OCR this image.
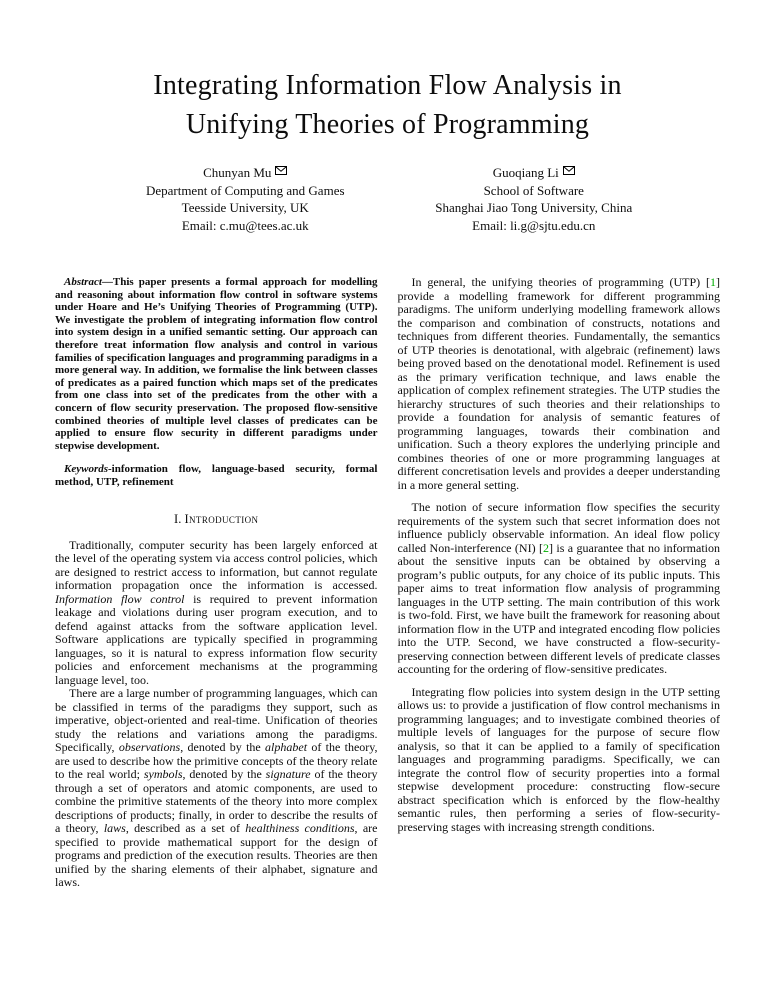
Integrating Information Flow Analysis in
Unifying Theories of Programming
Chunyan Mu
Department of Computing and Games
Teesside University, UK
Email: c.mu@tees.ac.uk
Guoqiang Li
School of Software
Shanghai Jiao Tong University, China
Email: li.g@sjtu.edu.cn

Abstract—This paper presents a formal approach for modelling and reasoning about information flow control in software systems under Hoare and He’s Unifying Theories of Programming (UTP). We investigate the problem of integrating information flow control into system design in a unified semantic setting. Our approach can therefore treat information flow analysis and control in various families of specification languages and programming paradigms in a more general way. In addition, we formalise the link between classes of predicates as a paired function which maps set of the predicates from one class into set of the predicates from the other with a concern of flow security preservation. The proposed flow-sensitive combined theories of multiple level classes of predicates can be applied to ensure flow security in different paradigms under stepwise development.

Keywords-information flow, language-based security, formal method, UTP, refinement

I. Introduction

Traditionally, computer security has been largely enforced at the level of the operating system via access control policies, which are designed to restrict access to information, but cannot regulate information propagation once the information is accessed. Information flow control is required to prevent information leakage and violations during user program execution, and to defend against attacks from the software application level. Software applications are typically specified in programming languages, so it is natural to express information flow security policies and enforcement mechanisms at the programming language level, too.

There are a large number of programming languages, which can be classified in terms of the paradigms they support, such as imperative, object-oriented and real-time. Unification of theories study the relations and variations among the paradigms. Specifically, observations, denoted by the alphabet of the theory, are used to describe how the primitive concepts of the theory relate to the real world; symbols, denoted by the signature of the theory through a set of operators and atomic components, are used to combine the primitive statements of the theory into more complex descriptions of products; finally, in order to describe the results of a theory, laws, described as a set of healthiness conditions, are specified to provide mathematical support for the design of programs and prediction of the execution results. Theories are then unified by the sharing elements of their alphabet, signature and laws.

In general, the unifying theories of programming (UTP) [1] provide a modelling framework for different programming paradigms. The uniform underlying modelling framework allows the comparison and combination of constructs, notations and techniques from different theories. Fundamentally, the semantics of UTP theories is denotational, with algebraic (refinement) laws being proved based on the denotational model. Refinement is used as the primary verification technique, and laws enable the application of complex refinement strategies. The UTP studies the hierarchy structures of such theories and their relationships to provide a foundation for analysis of semantic features of programming languages, towards their combination and unification. Such a theory explores the underlying principle and combines theories of one or more programming languages at different concretisation levels and provides a deeper understanding in a more general setting.

The notion of secure information flow specifies the security requirements of the system such that secret information does not influence publicly observable information. An ideal flow policy called Non-interference (NI) [2] is a guarantee that no information about the sensitive inputs can be obtained by observing a program’s public outputs, for any choice of its public inputs. This paper aims to treat information flow analysis of programming languages in the UTP setting. The main contribution of this work is two-fold. First, we have built the framework for reasoning about information flow in the UTP and integrated encoding flow policies into the UTP. Second, we have constructed a flow-security-preserving connection between different levels of predicate classes accounting for the ordering of flow-sensitive predicates.

Integrating flow policies into system design in the UTP setting allows us: to provide a justification of flow control mechanisms in programming languages; and to investigate combined theories of multiple levels of languages for the purpose of secure flow analysis, so that it can be applied to a family of specification languages and programming paradigms. Specifically, we can integrate the control flow of security properties into a formal stepwise development procedure: constructing flow-secure abstract specification which is enforced by the flow-healthy semantic rules, then performing a series of flow-security-preserving stages with increasing strength conditions.
